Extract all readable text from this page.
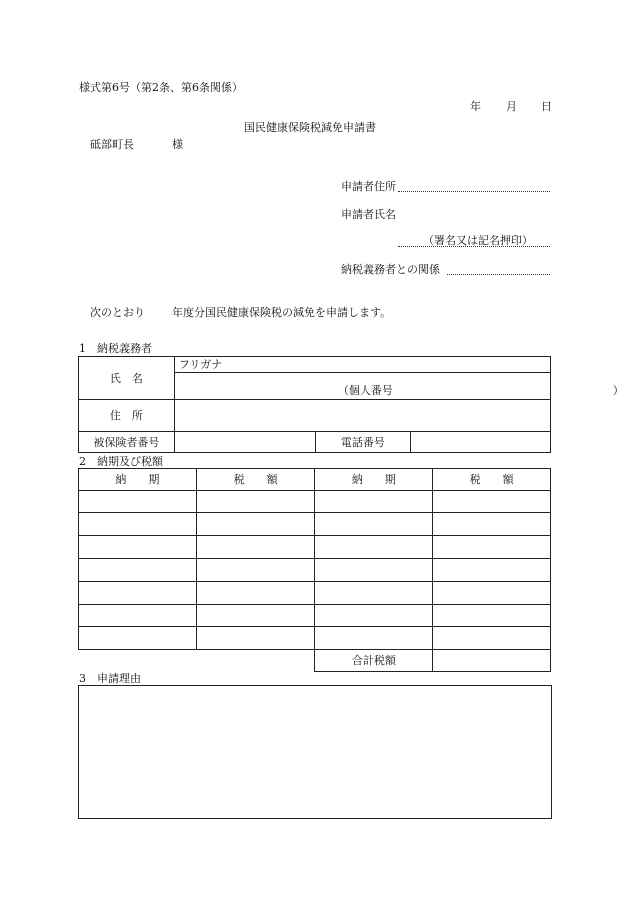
様式第6号（第2条、第6条関係）
年 月 日
国民健康保険税減免申請書
砥部町長	様
申請者住所
申請者氏名
（署名又は記名押印）
納税義務者との関係
次のとおり 年度分国民健康保険税の減免を申請します。
1　納税義務者
氏　名	フリガナ		

	（個人番号 ）		

住　所			
被保険者番号		電話番号	
2　納期及び税額
納　　期	税　　額	納　　期	税　　額

		合計税額	
3　申請理由
